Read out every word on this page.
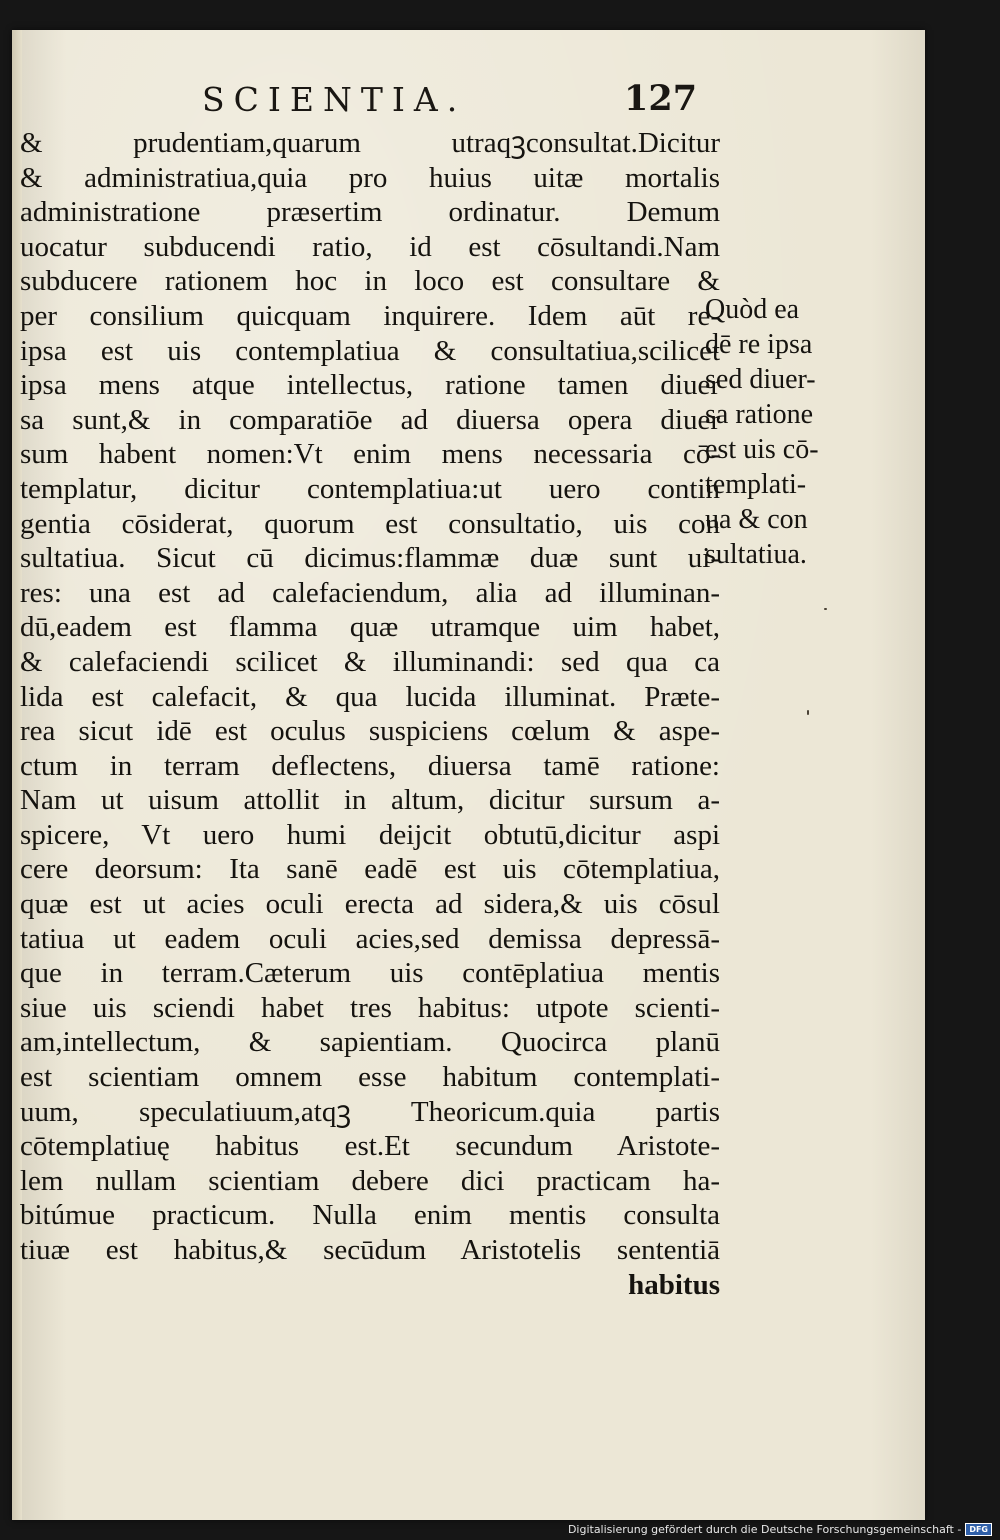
SCIENTIA.	127
& prudentiam,quarum utraqꝫconsultat.Dicitur
& administratiua,quia pro huius uitæ mortalis
administratione præsertim ordinatur. Demum
uocatur subducendi ratio, id est cōsultandi.Nam
subducere rationem hoc in loco est consultare &
per consilium quicquam inquirere. Idem aūt re-
ipsa est uis contemplatiua & consultatiua,scilicet
ipsa mens atque intellectus, ratione tamen diuer
sa sunt,& in comparatiōe ad diuersa opera diuer
sum habent nomen:Vt enim mens necessaria cō-
templatur, dicitur contemplatiua:ut uero contin
gentia cōsiderat, quorum est consultatio, uis con
sultatiua. Sicut cū dicimus:flammæ duæ sunt ui-
res: una est ad calefaciendum, alia ad illuminan-
dū,eadem est flamma quæ utramque uim habet,
& calefaciendi scilicet & illuminandi: sed qua ca
lida est calefacit, & qua lucida illuminat. Præte-
rea sicut idē est oculus suspiciens cœlum & aspe-
ctum in terram deflectens, diuersa tamē ratione:
Nam ut uisum attollit in altum, dicitur sursum a-
spicere, Vt uero humi deijcit obtutū,dicitur aspi
cere deorsum: Ita sanē eadē est uis cōtemplatiua,
quæ est ut acies oculi erecta ad sidera,& uis cōsul
tatiua ut eadem oculi acies,sed demissa depressā-
que in terram.Cæterum uis contēplatiua mentis
siue uis sciendi habet tres habitus: utpote scienti-
am,intellectum, & sapientiam. Quocirca planū
est scientiam omnem esse habitum contemplati-
uum, speculatiuum,atqꝫ Theoricum.quia partis
cōtemplatiuę habitus est.Et secundum Aristote-
lem nullam scientiam debere dici practicam ha-
bitúmue practicum. Nulla enim mentis consulta
tiuæ est habitus,& secūdum Aristotelis sententiā
habitus
Quòd ea
dē re ipsa
sed diuer-
sa ratione
est uis cō-
templati-
ua & con
sultatiua.
Digitalisierung gefördert durch die Deutsche Forschungsgemeinschaft -	DFG
